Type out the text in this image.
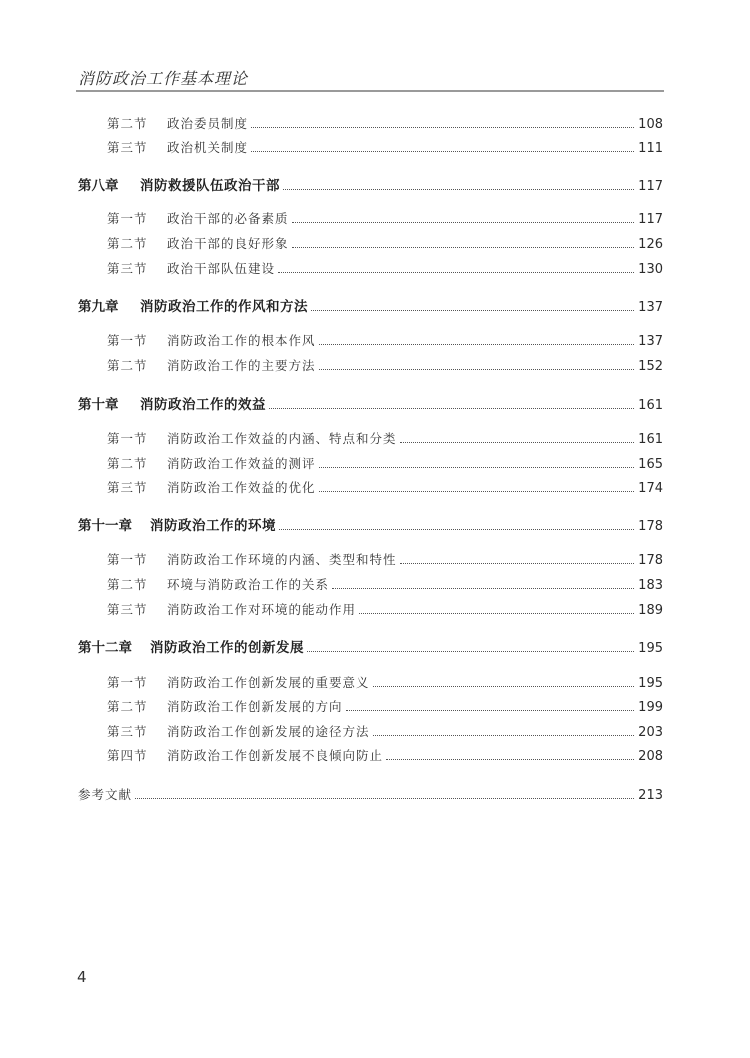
消防政治工作基本理论
第二节	政治委员制度	108
第三节	政治机关制度	111
第八章	消防救援队伍政治干部	117
第一节	政治干部的必备素质	117
第二节	政治干部的良好形象	126
第三节	政治干部队伍建设	130
第九章	消防政治工作的作风和方法	137
第一节	消防政治工作的根本作风	137
第二节	消防政治工作的主要方法	152
第十章	消防政治工作的效益	161
第一节	消防政治工作效益的内涵、特点和分类	161
第二节	消防政治工作效益的测评	165
第三节	消防政治工作效益的优化	174
第十一章	消防政治工作的环境	178
第一节	消防政治工作环境的内涵、类型和特性	178
第二节	环境与消防政治工作的关系	183
第三节	消防政治工作对环境的能动作用	189
第十二章	消防政治工作的创新发展	195
第一节	消防政治工作创新发展的重要意义	195
第二节	消防政治工作创新发展的方向	199
第三节	消防政治工作创新发展的途径方法	203
第四节	消防政治工作创新发展不良倾向防止	208
参考文献	213
4
